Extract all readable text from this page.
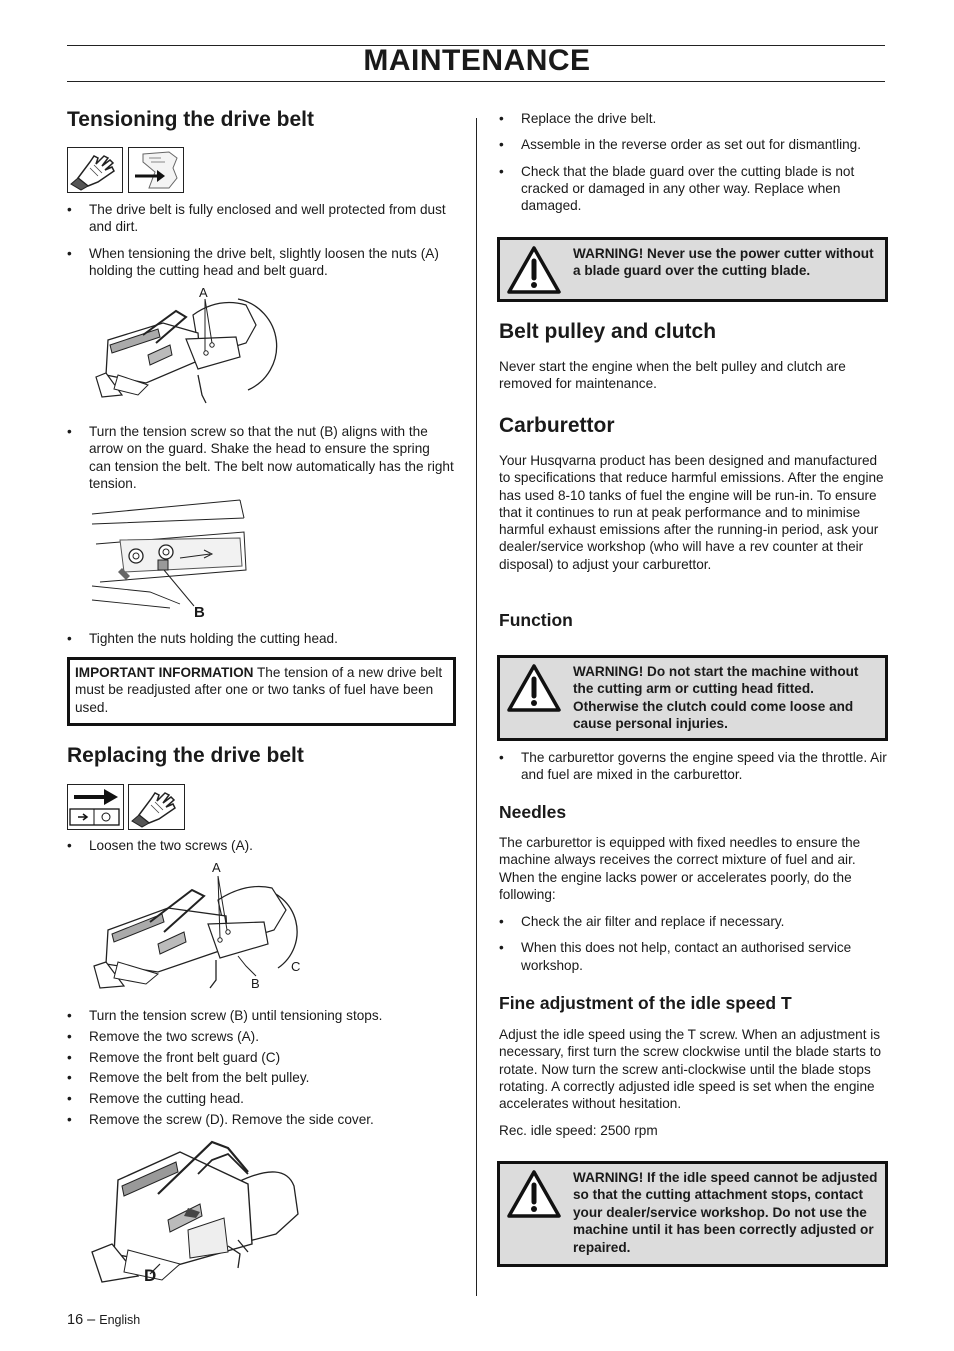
MAINTENANCE
Tensioning the drive belt
• The drive belt is fully enclosed and well protected from dust and dirt.
• When tensioning the drive belt, slightly loosen the nuts (A) holding the cutting head and belt guard.
A
• Turn the tension screw so that the nut (B) aligns with the arrow on the guard. Shake the head to ensure the spring can tension the belt. The belt now automatically has the right tension.
B
• Tighten the nuts holding the cutting head.
IMPORTANT INFORMATION The tension of a new drive belt must be readjusted after one or two tanks of fuel have been used.
Replacing the drive belt
• Loosen the two screws (A).
A
C
B
• Turn the tension screw (B) until tensioning stops.
• Remove the two screws (A).
• Remove the front belt guard (C)
• Remove the belt from the belt pulley.
• Remove the cutting head.
• Remove the screw (D). Remove the side cover.
D
• Replace the drive belt.
• Assemble in the reverse order as set out for dismantling.
• Check that the blade guard over the cutting blade is not cracked or damaged in any other way. Replace when damaged.
WARNING! Never use the power cutter without a blade guard over the cutting blade.
Belt pulley and clutch

Never start the engine when the belt pulley and clutch are removed for maintenance.

Carburettor

Your Husqvarna product has been designed and manufactured to specifications that reduce harmful emissions. After the engine has used 8-10 tanks of fuel the engine will be run-in. To ensure that it continues to run at peak performance and to minimise harmful exhaust emissions after the running-in period, ask your dealer/service workshop (who will have a rev counter at their disposal) to adjust your carburettor.

Function
WARNING! Do not start the machine without the cutting arm or cutting head fitted. Otherwise the clutch could come loose and cause personal injuries.
• The carburettor governs the engine speed via the throttle. Air and fuel are mixed in the carburettor.
Needles

The carburettor is equipped with fixed needles to ensure the machine always receives the correct mixture of fuel and air. When the engine lacks power or accelerates poorly, do the following:

• Check the air filter and replace if necessary.
• When this does not help, contact an authorised service workshop.
Fine adjustment of the idle speed T

Adjust the idle speed using the T screw. When an adjustment is necessary, first turn the screw clockwise until the blade starts to rotate. Now turn the screw anti-clockwise until the blade stops rotating. A correctly adjusted idle speed is set when the engine accelerates without hesitation.

Rec. idle speed: 2500 rpm

WARNING! If the idle speed cannot be adjusted so that the cutting attachment stops, contact your dealer/service workshop. Do not use the machine until it has been correctly adjusted or repaired.
16 – English
